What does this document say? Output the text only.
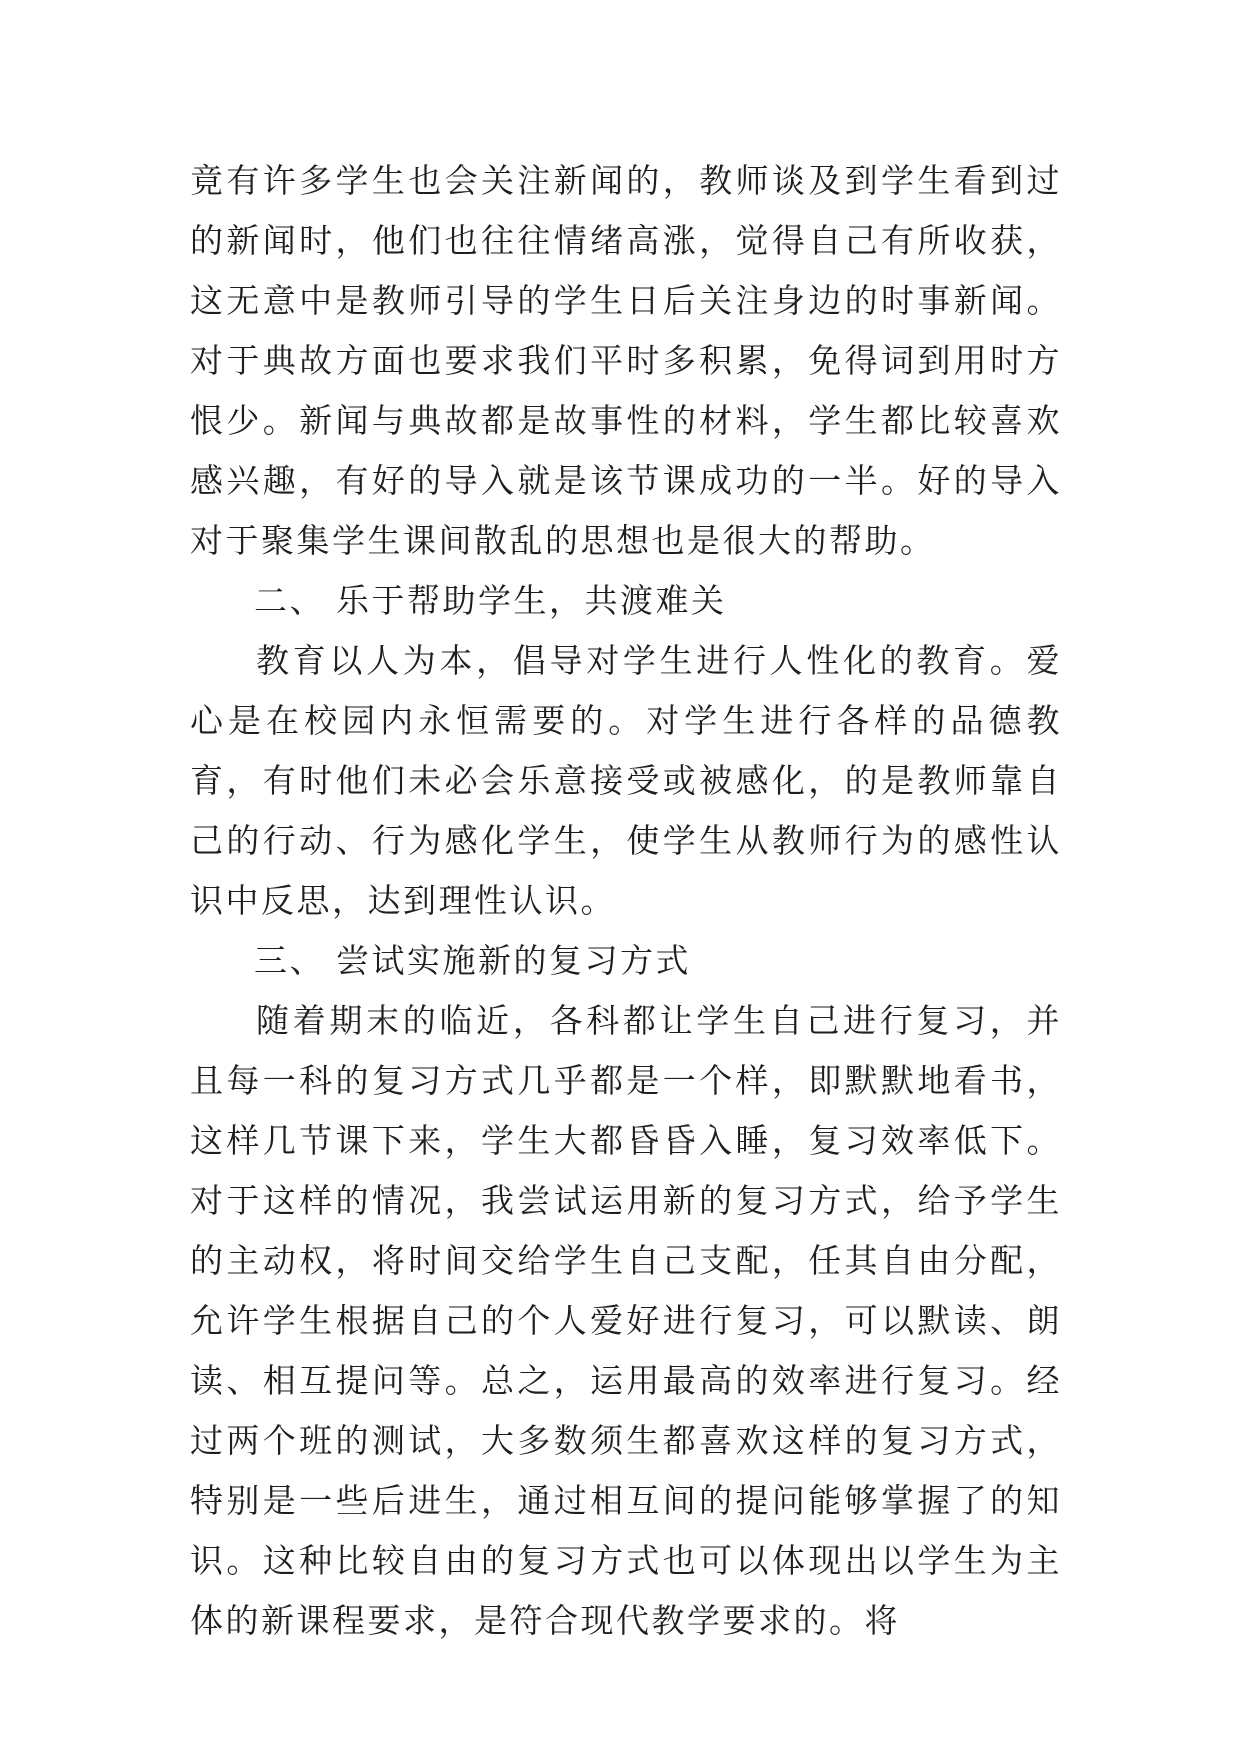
竟有许多学生也会关注新闻的，教师谈及到学生看到过的新闻时，他们也往往情绪高涨，觉得自己有所收获，这无意中是教师引导的学生日后关注身边的时事新闻。对于典故方面也要求我们平时多积累，免得词到用时方恨少。新闻与典故都是故事性的材料，学生都比较喜欢感兴趣，有好的导入就是该节课成功的一半。好的导入对于聚集学生课间散乱的思想也是很大的帮助。

二、 乐于帮助学生，共渡难关

教育以人为本，倡导对学生进行人性化的教育。爱心是在校园内永恒需要的。对学生进行各样的品德教育，有时他们未必会乐意接受或被感化，的是教师靠自己的行动、行为感化学生，使学生从教师行为的感性认识中反思，达到理性认识。

三、 尝试实施新的复习方式

随着期末的临近，各科都让学生自己进行复习，并且每一科的复习方式几乎都是一个样，即默默地看书，这样几节课下来，学生大都昏昏入睡，复习效率低下。对于这样的情况，我尝试运用新的复习方式，给予学生的主动权，将时间交给学生自己支配，任其自由分配，允许学生根据自己的个人爱好进行复习，可以默读、朗读、相互提问等。总之，运用最高的效率进行复习。经过两个班的测试，大多数须生都喜欢这样的复习方式，特别是一些后进生，通过相互间的提问能够掌握了的知识。这种比较自由的复习方式也可以体现出以学生为主体的新课程要求，是符合现代教学要求的。将
